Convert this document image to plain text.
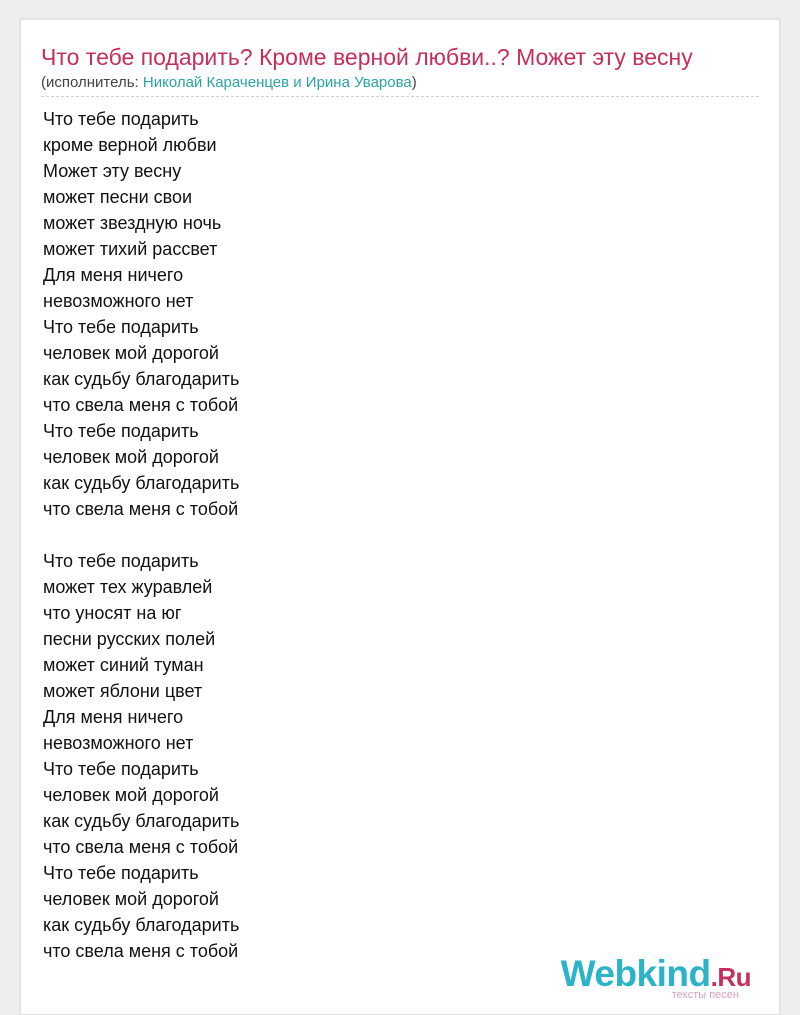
Что тебе подарить? Кроме верной любви..? Может эту весну
(исполнитель: Николай Караченцев и Ирина Уварова)
Что тебе подарить
кроме верной любви
Может эту весну
может песни свои
может звездную ночь
может тихий рассвет
Для меня ничего
невозможного нет
Что тебе подарить
человек мой дорогой
как судьбу благодарить
что свела меня с тобой
Что тебе подарить
человек мой дорогой
как судьбу благодарить
что свела меня с тобой
Что тебе подарить
может тех журавлей
что уносят на юг
песни русских полей
может синий туман
может яблони цвет
Для меня ничего
невозможного нет
Что тебе подарить
человек мой дорогой
как судьбу благодарить
что свела меня с тобой
Что тебе подарить
человек мой дорогой
как судьбу благодарить
что свела меня с тобой
Webkind.Ru
тексты песен
